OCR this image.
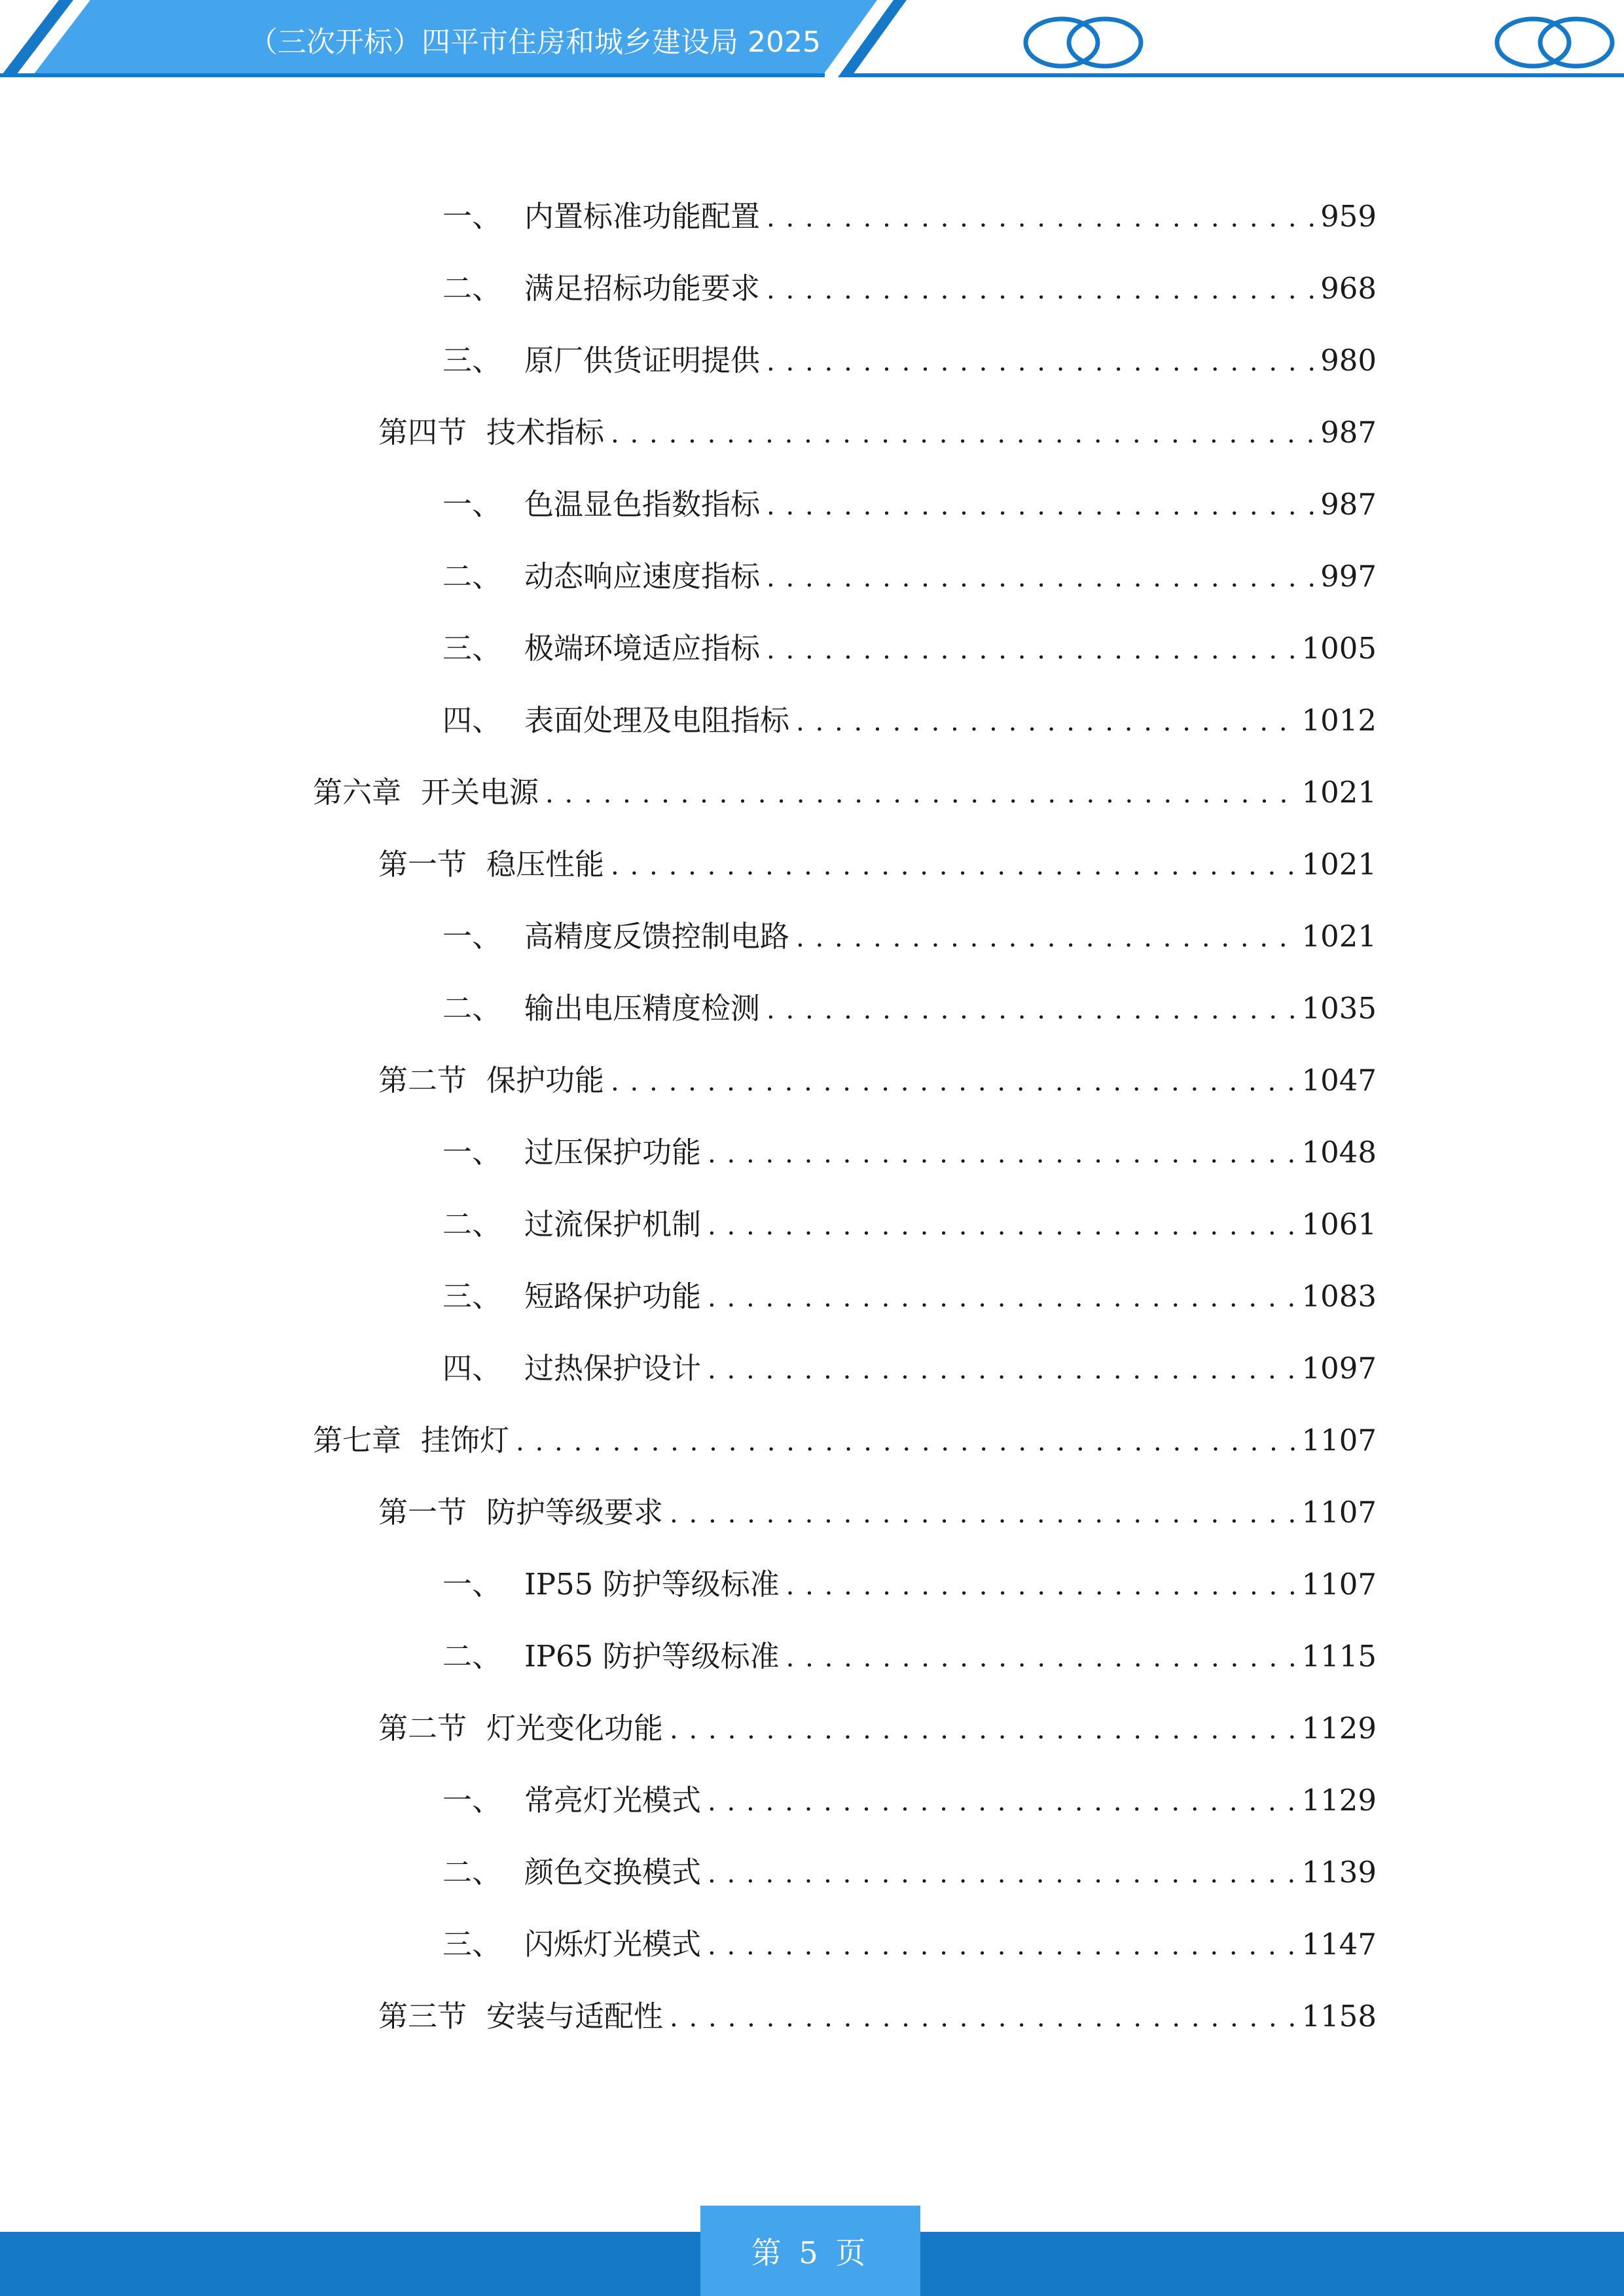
（三次开标）四平市住房和城乡建设局 2025
一、 内置标准功能配置 .....	959
二、 满足招标功能要求 .....	968
三、 原厂供货证明提供 .....	980
第四节 技术指标 .....	987
一、 色温显色指数指标 .....	987
二、 动态响应速度指标 .....	997
三、 极端环境适应指标 .....	1005
四、 表面处理及电阻指标 .....	1012
第六章 开关电源 .....	1021
第一节 稳压性能 .....	1021
一、 高精度反馈控制电路 .....	1021
二、 输出电压精度检测 .....	1035
第二节 保护功能 .....	1047
一、 过压保护功能 .....	1048
二、 过流保护机制 .....	1061
三、 短路保护功能 .....	1083
四、 过热保护设计 .....	1097
第七章 挂饰灯 .....	1107
第一节 防护等级要求 .....	1107
一、 IP55 防护等级标准 .....	1107
二、 IP65 防护等级标准 .....	1115
第二节 灯光变化功能 .....	1129
一、 常亮灯光模式 .....	1129
二、 颜色交换模式 .....	1139
三、 闪烁灯光模式 .....	1147
第三节 安装与适配性 .....	1158
第 5 页
